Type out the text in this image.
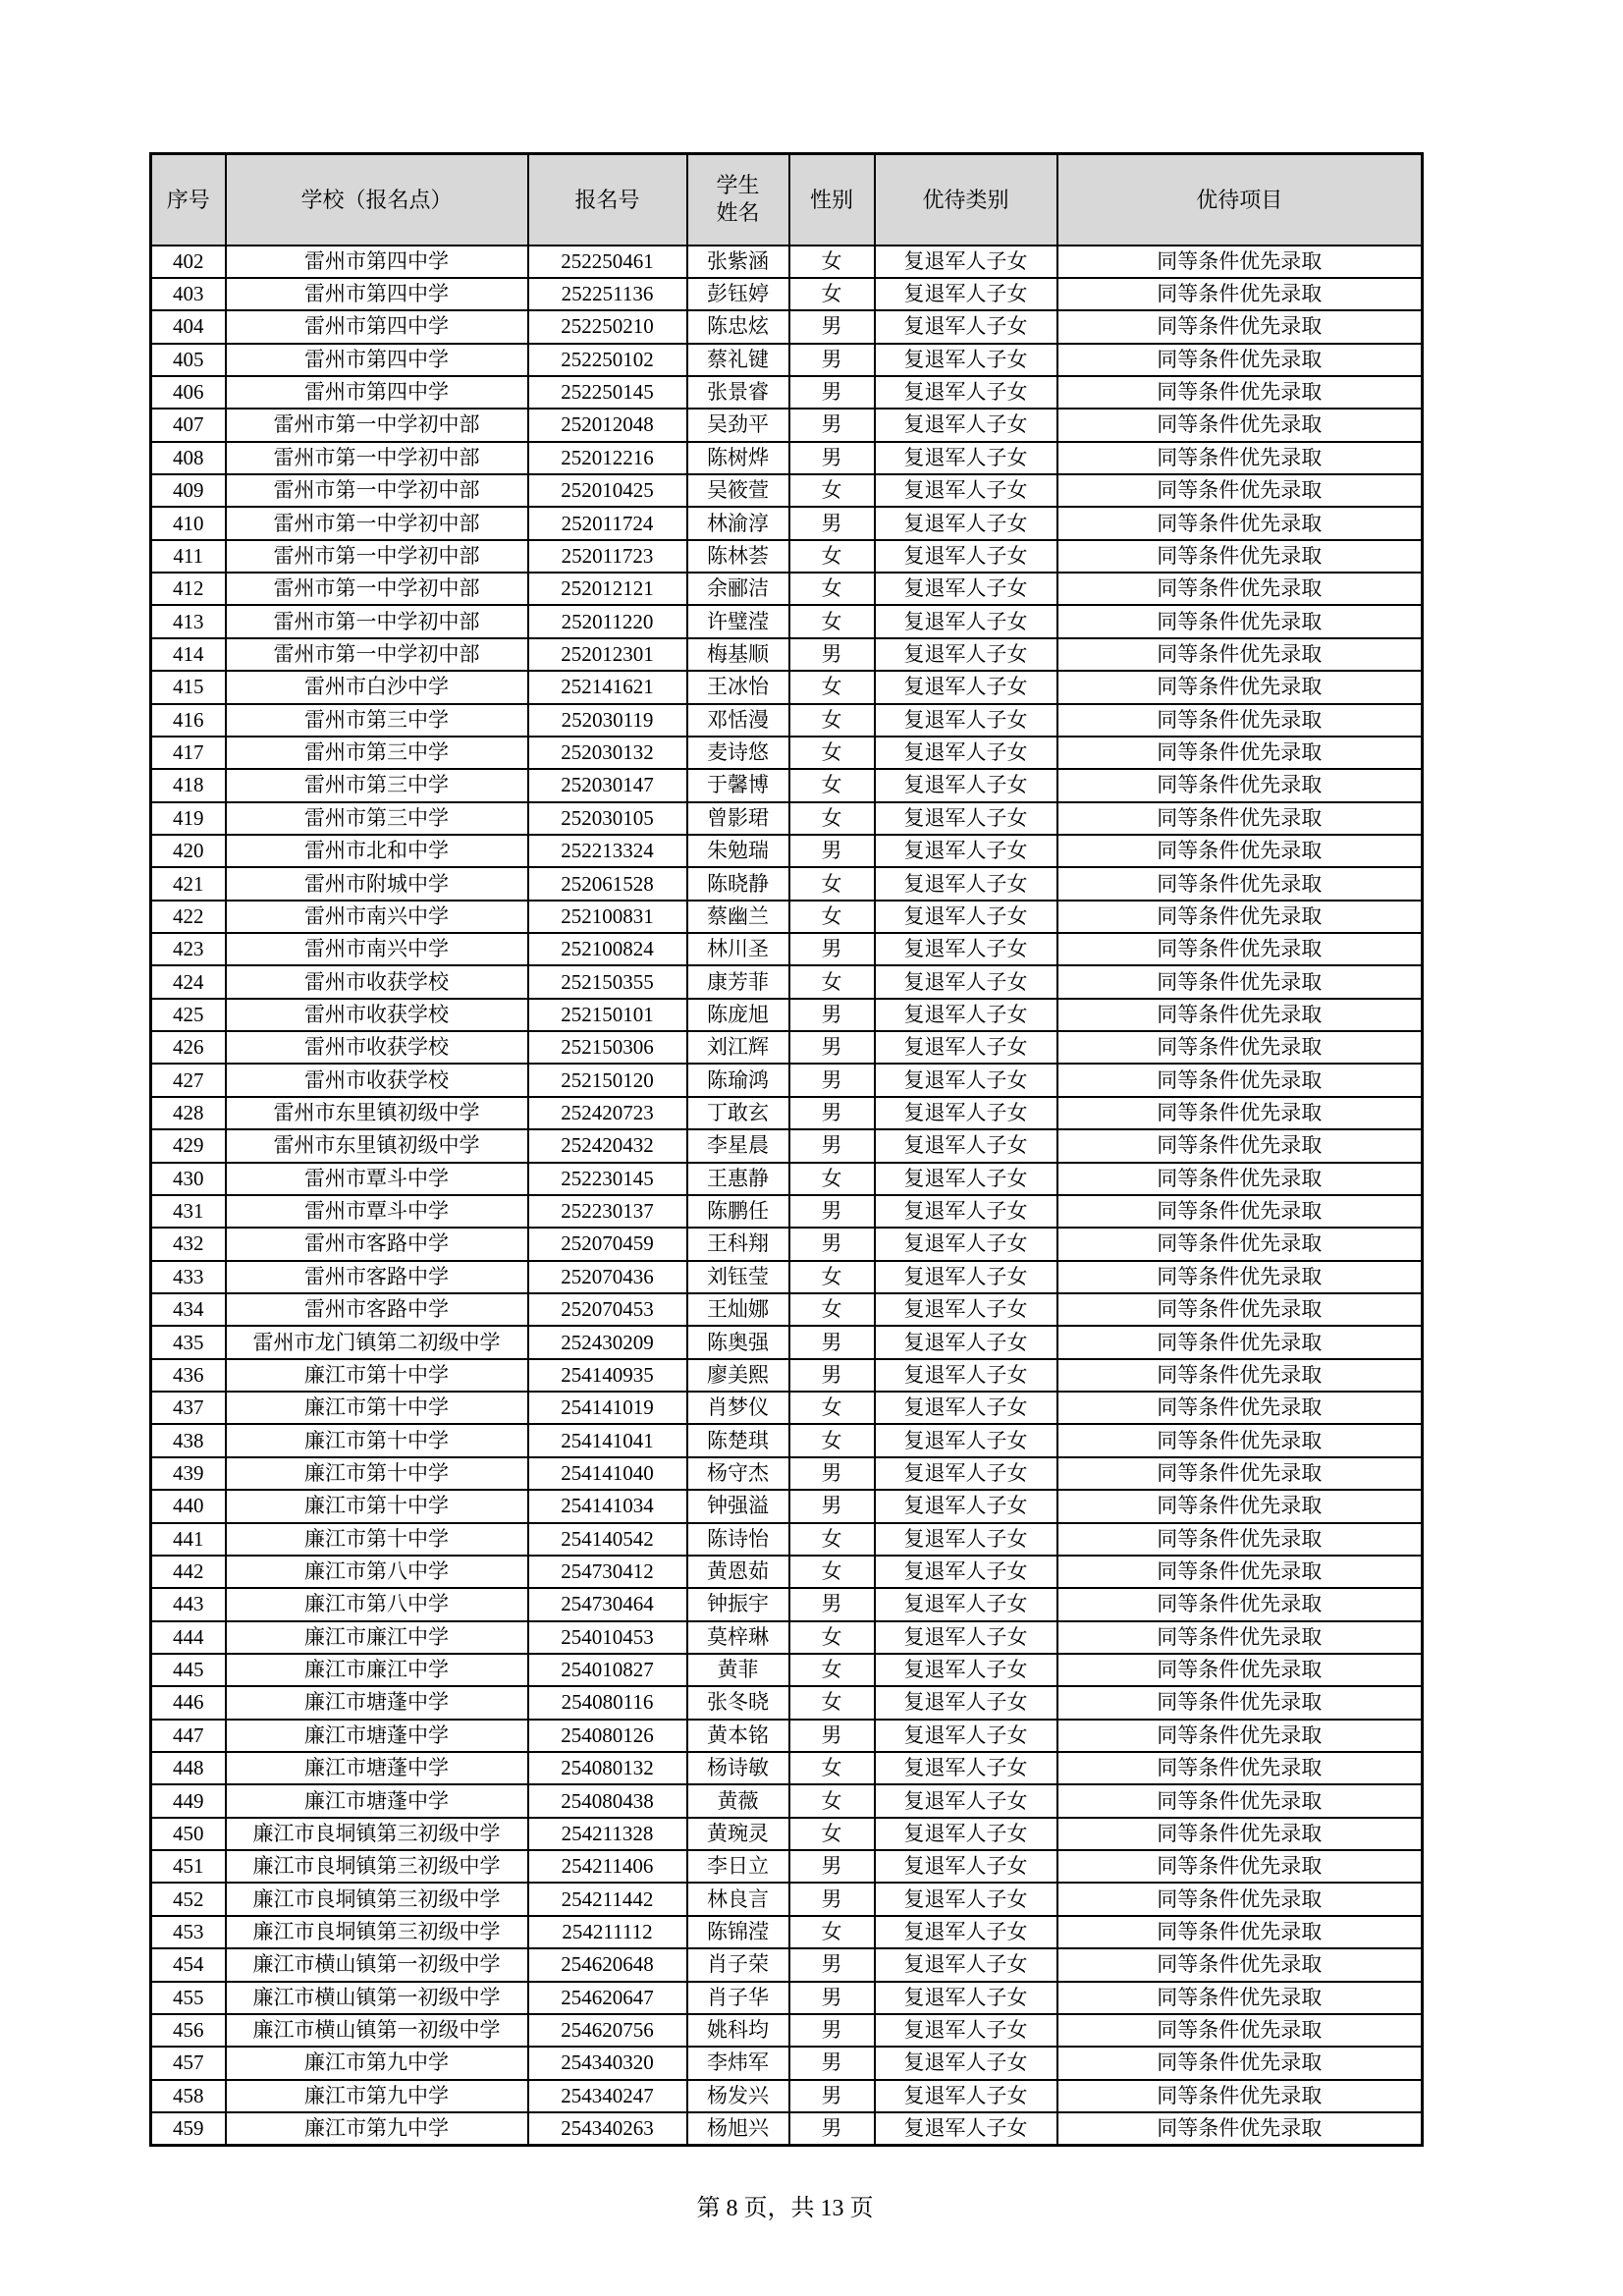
序号	学校（报名点）	报名号	学生姓名	性别	优待类别	优待项目
402	雷州市第四中学	252250461	张紫涵	女	复退军人子女	同等条件优先录取
403	雷州市第四中学	252251136	彭钰婷	女	复退军人子女	同等条件优先录取
404	雷州市第四中学	252250210	陈忠炫	男	复退军人子女	同等条件优先录取
405	雷州市第四中学	252250102	蔡礼键	男	复退军人子女	同等条件优先录取
406	雷州市第四中学	252250145	张景睿	男	复退军人子女	同等条件优先录取
407	雷州市第一中学初中部	252012048	吴劲平	男	复退军人子女	同等条件优先录取
408	雷州市第一中学初中部	252012216	陈树烨	男	复退军人子女	同等条件优先录取
409	雷州市第一中学初中部	252010425	吴筱萱	女	复退军人子女	同等条件优先录取
410	雷州市第一中学初中部	252011724	林渝淳	男	复退军人子女	同等条件优先录取
411	雷州市第一中学初中部	252011723	陈林荟	女	复退军人子女	同等条件优先录取
412	雷州市第一中学初中部	252012121	余郦洁	女	复退军人子女	同等条件优先录取
413	雷州市第一中学初中部	252011220	许璧滢	女	复退军人子女	同等条件优先录取
414	雷州市第一中学初中部	252012301	梅基顺	男	复退军人子女	同等条件优先录取
415	雷州市白沙中学	252141621	王冰怡	女	复退军人子女	同等条件优先录取
416	雷州市第三中学	252030119	邓恬漫	女	复退军人子女	同等条件优先录取
417	雷州市第三中学	252030132	麦诗悠	女	复退军人子女	同等条件优先录取
418	雷州市第三中学	252030147	于馨博	女	复退军人子女	同等条件优先录取
419	雷州市第三中学	252030105	曾影珺	女	复退军人子女	同等条件优先录取
420	雷州市北和中学	252213324	朱勉瑞	男	复退军人子女	同等条件优先录取
421	雷州市附城中学	252061528	陈晓静	女	复退军人子女	同等条件优先录取
422	雷州市南兴中学	252100831	蔡幽兰	女	复退军人子女	同等条件优先录取
423	雷州市南兴中学	252100824	林川圣	男	复退军人子女	同等条件优先录取
424	雷州市收获学校	252150355	康芳菲	女	复退军人子女	同等条件优先录取
425	雷州市收获学校	252150101	陈庞旭	男	复退军人子女	同等条件优先录取
426	雷州市收获学校	252150306	刘江辉	男	复退军人子女	同等条件优先录取
427	雷州市收获学校	252150120	陈瑜鸿	男	复退军人子女	同等条件优先录取
428	雷州市东里镇初级中学	252420723	丁敢玄	男	复退军人子女	同等条件优先录取
429	雷州市东里镇初级中学	252420432	李星晨	男	复退军人子女	同等条件优先录取
430	雷州市覃斗中学	252230145	王惠静	女	复退军人子女	同等条件优先录取
431	雷州市覃斗中学	252230137	陈鹏任	男	复退军人子女	同等条件优先录取
432	雷州市客路中学	252070459	王科翔	男	复退军人子女	同等条件优先录取
433	雷州市客路中学	252070436	刘钰莹	女	复退军人子女	同等条件优先录取
434	雷州市客路中学	252070453	王灿娜	女	复退军人子女	同等条件优先录取
435	雷州市龙门镇第二初级中学	252430209	陈奥强	男	复退军人子女	同等条件优先录取
436	廉江市第十中学	254140935	廖美熙	男	复退军人子女	同等条件优先录取
437	廉江市第十中学	254141019	肖梦仪	女	复退军人子女	同等条件优先录取
438	廉江市第十中学	254141041	陈楚琪	女	复退军人子女	同等条件优先录取
439	廉江市第十中学	254141040	杨守杰	男	复退军人子女	同等条件优先录取
440	廉江市第十中学	254141034	钟强溢	男	复退军人子女	同等条件优先录取
441	廉江市第十中学	254140542	陈诗怡	女	复退军人子女	同等条件优先录取
442	廉江市第八中学	254730412	黄恩茹	女	复退军人子女	同等条件优先录取
443	廉江市第八中学	254730464	钟振宇	男	复退军人子女	同等条件优先录取
444	廉江市廉江中学	254010453	莫梓琳	女	复退军人子女	同等条件优先录取
445	廉江市廉江中学	254010827	黄菲	女	复退军人子女	同等条件优先录取
446	廉江市塘蓬中学	254080116	张冬晓	女	复退军人子女	同等条件优先录取
447	廉江市塘蓬中学	254080126	黄本铭	男	复退军人子女	同等条件优先录取
448	廉江市塘蓬中学	254080132	杨诗敏	女	复退军人子女	同等条件优先录取
449	廉江市塘蓬中学	254080438	黄薇	女	复退军人子女	同等条件优先录取
450	廉江市良垌镇第三初级中学	254211328	黄琬灵	女	复退军人子女	同等条件优先录取
451	廉江市良垌镇第三初级中学	254211406	李日立	男	复退军人子女	同等条件优先录取
452	廉江市良垌镇第三初级中学	254211442	林良言	男	复退军人子女	同等条件优先录取
453	廉江市良垌镇第三初级中学	254211112	陈锦滢	女	复退军人子女	同等条件优先录取
454	廉江市横山镇第一初级中学	254620648	肖子荣	男	复退军人子女	同等条件优先录取
455	廉江市横山镇第一初级中学	254620647	肖子华	男	复退军人子女	同等条件优先录取
456	廉江市横山镇第一初级中学	254620756	姚科均	男	复退军人子女	同等条件优先录取
457	廉江市第九中学	254340320	李炜军	男	复退军人子女	同等条件优先录取
458	廉江市第九中学	254340247	杨发兴	男	复退军人子女	同等条件优先录取
459	廉江市第九中学	254340263	杨旭兴	男	复退军人子女	同等条件优先录取
第 8 页，共 13 页
